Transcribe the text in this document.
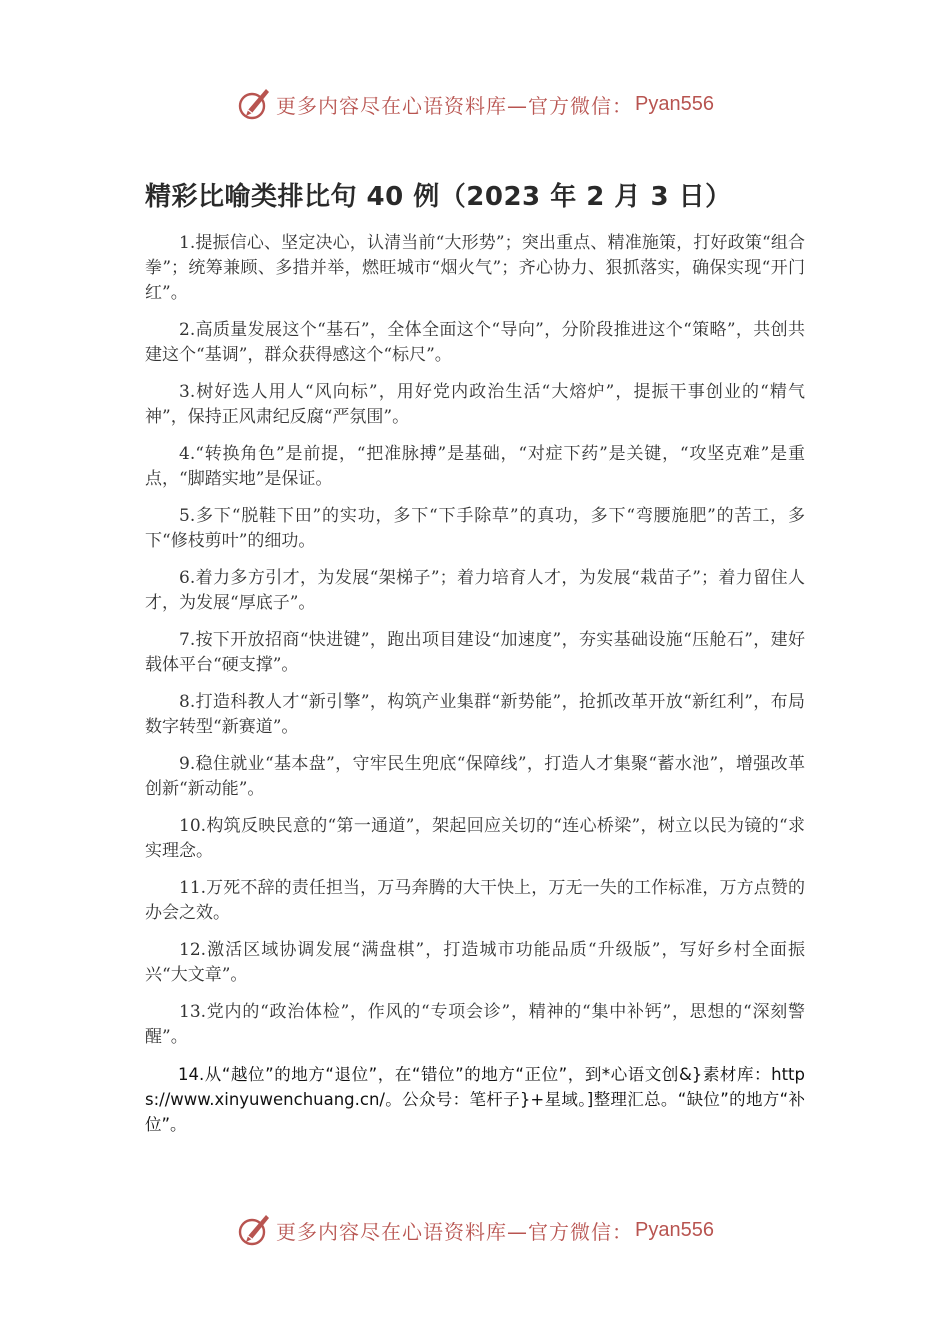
更多内容尽在心语资料库—官方微信： Pyan556
精彩比喻类排比句 40 例（2023 年 2 月 3 日）

1.提振信心、坚定决心，认清当前“大形势”；突出重点、精准施策，打好政策“组合拳”；统筹兼顾、多措并举，燃旺城市“烟火气”；齐心协力、狠抓落实，确保实现“开门红”。

2.高质量发展这个“基石”，全体全面这个“导向”，分阶段推进这个“策略”，共创共建这个“基调”，群众获得感这个“标尺”。

3.树好选人用人“风向标”，用好党内政治生活“大熔炉”，提振干事创业的“精气神”，保持正风肃纪反腐“严氛围”。

4.“转换角色”是前提，“把准脉搏”是基础，“对症下药”是关键，“攻坚克难”是重点，“脚踏实地”是保证。

5.多下“脱鞋下田”的实功，多下“下手除草”的真功，多下“弯腰施肥”的苦工，多下“修枝剪叶”的细功。

6.着力多方引才，为发展“架梯子”；着力培育人才，为发展“栽苗子”；着力留住人才，为发展“厚底子”。

7.按下开放招商“快进键”，跑出项目建设“加速度”，夯实基础设施“压舱石”，建好载体平台“硬支撑”。

8.打造科教人才“新引擎”，构筑产业集群“新势能”，抢抓改革开放“新红利”，布局数字转型“新赛道”。

9.稳住就业“基本盘”，守牢民生兜底“保障线”，打造人才集聚“蓄水池”，增强改革创新“新动能”。

10.构筑反映民意的“第一通道”，架起回应关切的“连心桥梁”，树立以民为镜的“求实理念。

11.万死不辞的责任担当，万马奔腾的大干快上，万无一失的工作标准，万方点赞的办会之效。

12.激活区域协调发展“满盘棋”，打造城市功能品质“升级版”，写好乡村全面振兴“大文章”。

13.党内的“政治体检”，作风的“专项会诊”，精神的“集中补钙”，思想的“深刻警醒”。

14.从“越位”的地方“退位”，在“错位”的地方“正位”，到*心语文创&}素材库：https://www.xinyuwenchuang.cn/。公众号：笔杆子}+星域。]整理汇总。“缺位”的地方“补位”。

更多内容尽在心语资料库—官方微信： Pyan556
